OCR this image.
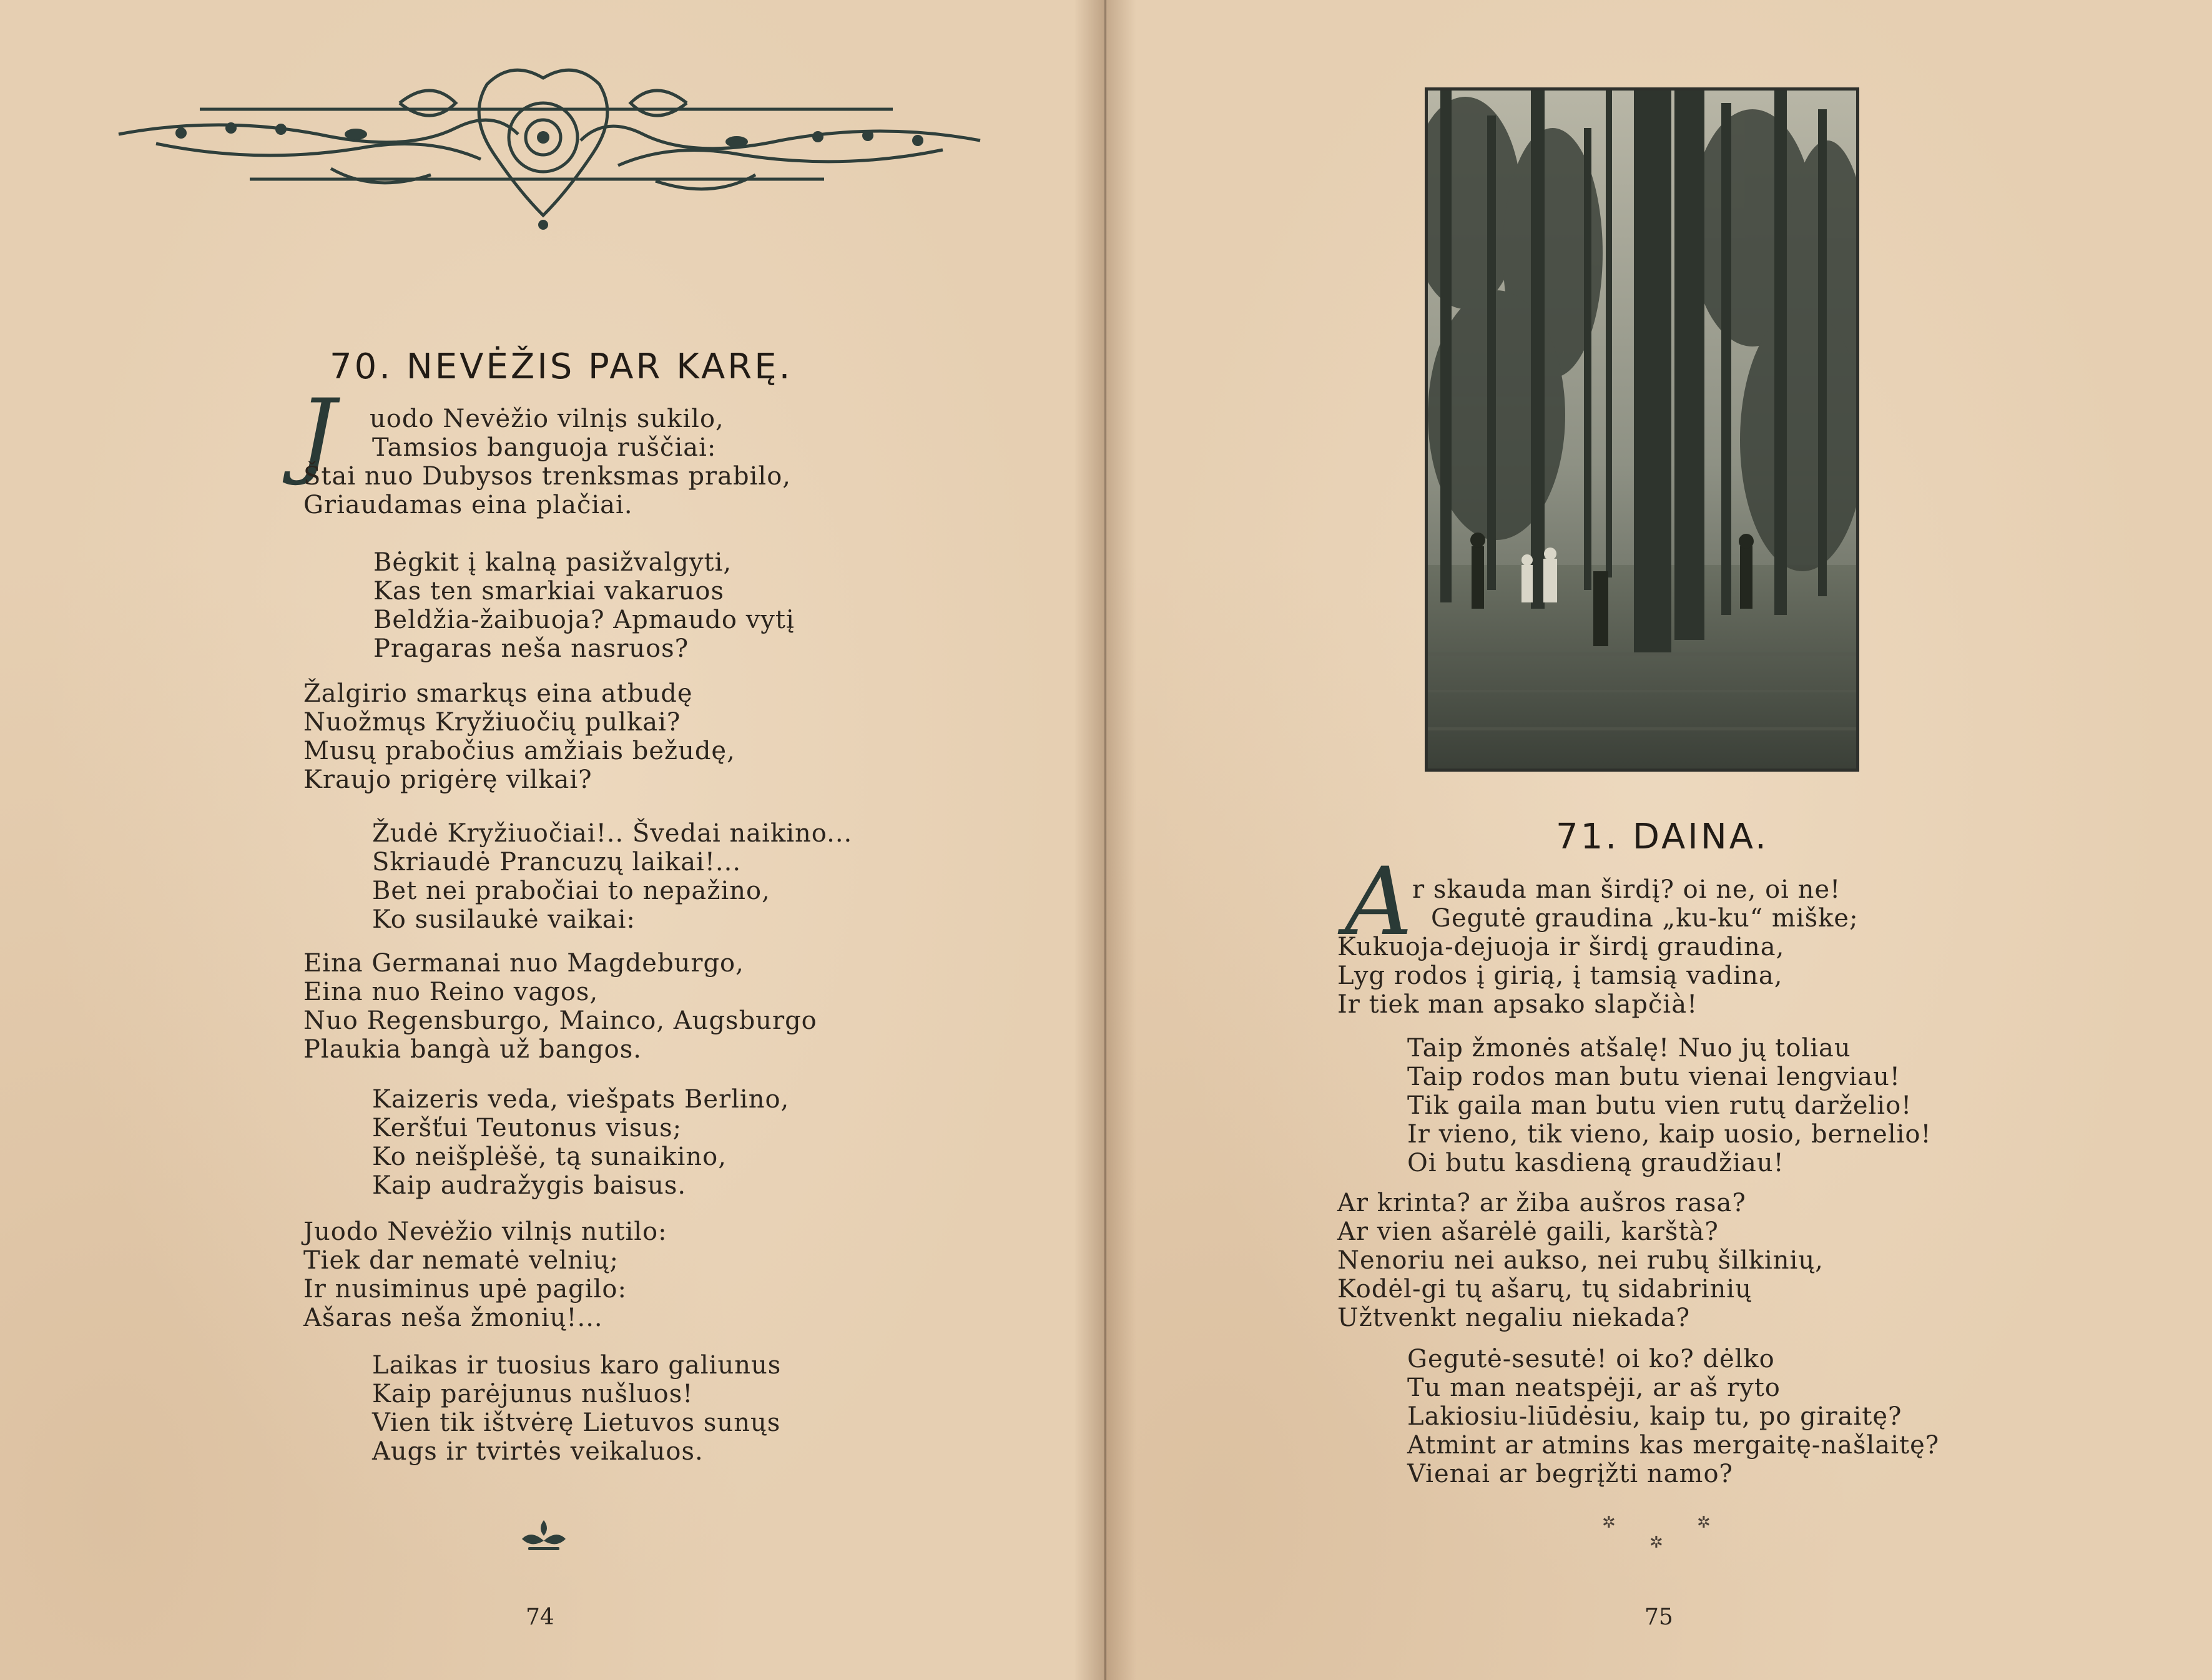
70. NEVĖŽIS PAR KARĘ.
J uodo Nevėžio vilnįs sukilo,
Tamsios banguoja ruščiai:
Štai nuo Dubysos trenksmas prabilo,
Griaudamas eina plačiai.
Bėgkit į kalną pasižvalgyti,
Kas ten smarkiai vakaruos
Beldžia-žaibuoja? Apmaudo vytį
Pragaras neša nasruos?
Žalgirio smarkųs eina atbudę
Nuožmųs Kryžiuočių pulkai?
Musų prabočius amžiais bežudę,
Kraujo prigėrę vilkai?
Žudė Kryžiuočiai!.. Švedai naikino...
Skriaudė Prancuzų laikai!...
Bet nei prabočiai to nepažino,
Ko susilaukė vaikai:
Eina Germanai nuo Magdeburgo,
Eina nuo Reino vagos,
Nuo Regensburgo, Mainco, Augsburgo
Plaukia bangà už bangos.
Kaizeris veda, viešpats Berlino,
Keršťui Teutonus visus;
Ko neišplėšė, tą sunaikino,
Kaip audražygis baisus.
Juodo Nevėžio vilnįs nutilo:
Tiek dar nematė velnių;
Ir nusiminus upė pagilo:
Ašaras neša žmonių!...
Laikas ir tuosius karo galiunus
Kaip parėjunus nušluos!
Vien tik ištvėrę Lietuvos sunųs
Augs ir tvirtės veikaluos.
74
71. DAINA.
A r skauda man širdį? oi ne, oi ne!
Gegutė graudina „ku-ku“ miške;
Kukuoja-dejuoja ir širdį graudina,
Lyg rodos į girią, į tamsią vadina,
Ir tiek man apsako slapčià!
Taip žmonės atšalę! Nuo jų toliau
Taip rodos man butu vienai lengviau!
Tik gaila man butu vien rutų darželio!
Ir vieno, tik vieno, kaip uosio, bernelio!
Oi butu kasdieną graudžiau!
Ar krinta? ar žiba aušros rasa?
Ar vien ašarėlė gaili, karštà?
Nenoriu nei aukso, nei rubų šilkinių,
Kodėl-gi tų ašarų, tų sidabrinių
Užtvenkt negaliu niekada?
Gegutė-sesutė! oi ko? dėlko
Tu man neatspėji, ar aš ryto
Lakiosiu-liūdėsiu, kaip tu, po giraitę?
Atmint ar atmins kas mergaitę-našlaitę?
Vienai ar begrįžti namo?
✲	✲
✲
75
